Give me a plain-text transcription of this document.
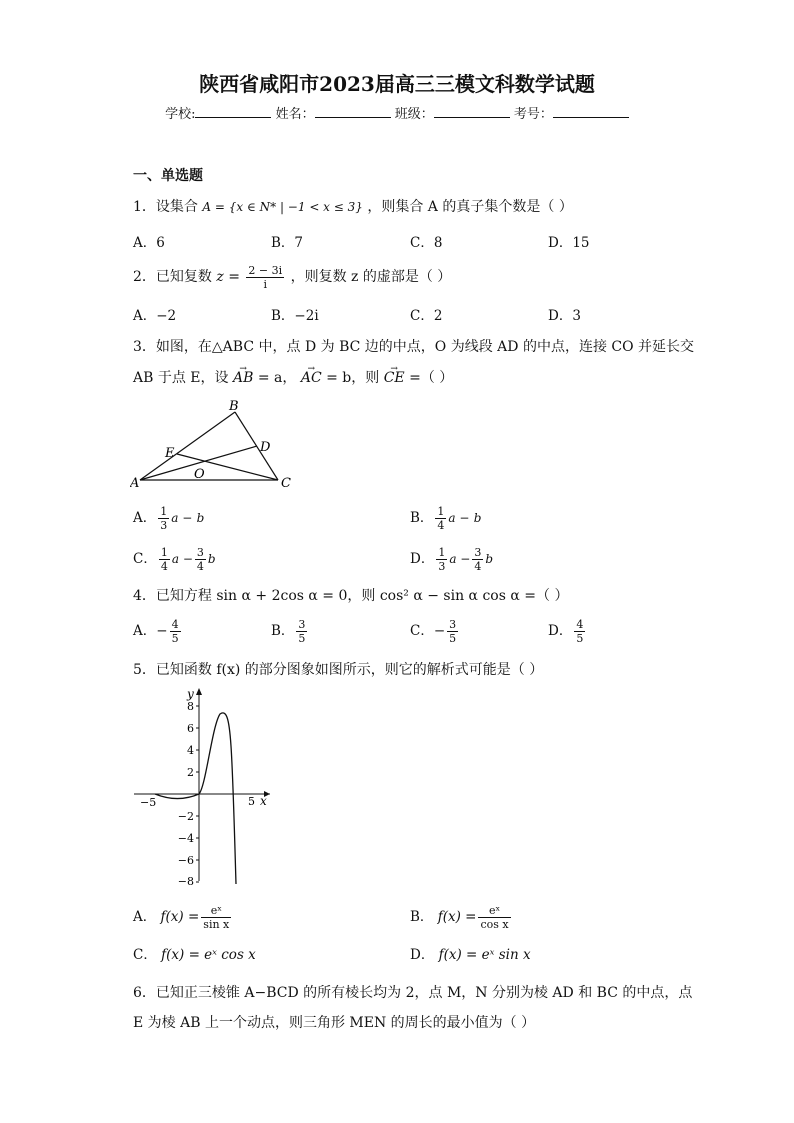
陕西省咸阳市2023届高三三模文科数学试题
学校:	姓名：	班级：	考号：
一、单选题
1．设集合 A = {x ∈ N* | −1 < x ≤ 3} ，则集合 A 的真子集个数是（ ）
A．6	B．7	C．8	D．15
2．已知复数 $z = \frac{2 - 3i}{i}$ ，则复数 z 的虚部是（ ）
A．−2	B．−2i	C．2	D．3
3．如图，在△ABC 中，点 D 为 BC 边的中点，O 为线段 AD 的中点，连接 CO 并延长交
AB 于点 E，设 → AB = a， → AC = b，则 → CE =（ ）
A
B
C
D
E
O
A． $\frac{1}{3}$ a − b	B． $\frac{1}{4}$ a − b
C． $\frac{1}{4}$ $a - \frac{3}{4}$ b	D． $\frac{1}{3}$ $a - \frac{3}{4}$ b
4．已知方程 sin α + 2cos α = 0，则 cos² α − sin α cos α =（ ）
A．− $\frac{4}{5}$	B． $\frac{3}{5}$	C．− $\frac{3}{5}$	D． $\frac{4}{5}$
5．已知函数 f(x) 的部分图象如图所示，则它的解析式可能是（ ）
8
6
4
2
−2
−4
−6
−8
−5	5 x
y
A． $f(x) = \frac{\text{eˣ}}{\text{sin x}}$	B． $f(x) = \frac{\text{eˣ}}{\text{cos x}}$
C． f(x) = eˣ cos x	D． f(x) = eˣ sin x
6．已知正三棱锥 A−BCD 的所有棱长均为 2，点 M，N 分别为棱 AD 和 BC 的中点，点
E 为棱 AB 上一个动点，则三角形 MEN 的周长的最小值为（ ）
